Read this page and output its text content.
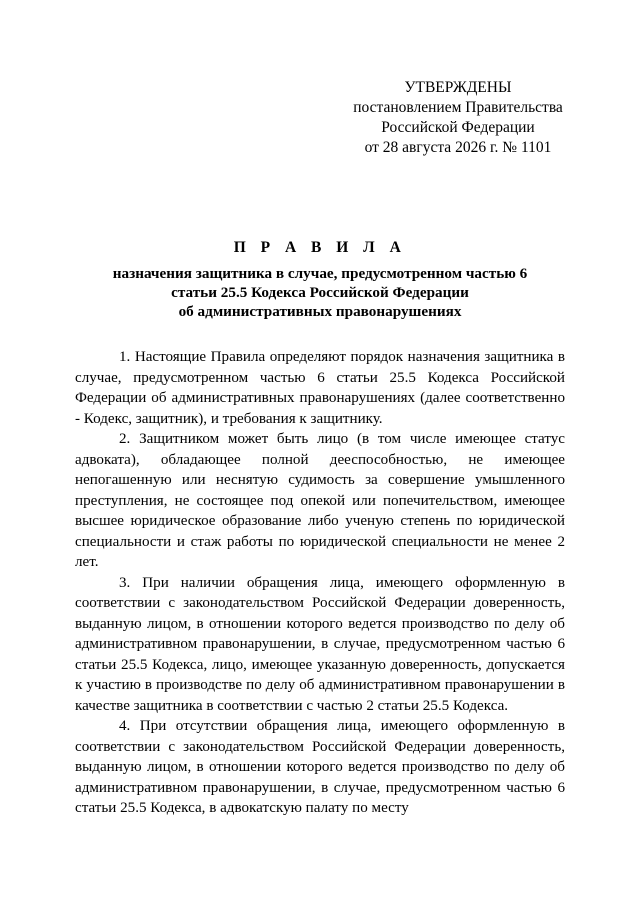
УТВЕРЖДЕНЫ
постановлением Правительства
Российской Федерации
от 28 августа 2026 г. № 1101
П Р А В И Л А
назначения защитника в случае, предусмотренном частью 6
статьи 25.5 Кодекса Российской Федерации
об административных правонарушениях

1. Настоящие Правила определяют порядок назначения защитника в случае, предусмотренном частью 6 статьи 25.5 Кодекса Российской Федерации об административных правонарушениях (далее соответственно - Кодекс, защитник), и требования к защитнику.

2. Защитником может быть лицо (в том числе имеющее статус адвоката), обладающее полной дееспособностью, не имеющее непогашенную или неснятую судимость за совершение умышленного преступления, не состоящее под опекой или попечительством, имеющее высшее юридическое образование либо ученую степень по юридической специальности и стаж работы по юридической специальности не менее 2 лет.

3. При наличии обращения лица, имеющего оформленную в соответствии с законодательством Российской Федерации доверенность, выданную лицом, в отношении которого ведется производство по делу об административном правонарушении, в случае, предусмотренном частью 6 статьи 25.5 Кодекса, лицо, имеющее указанную доверенность, допускается к участию в производстве по делу об административном правонарушении в качестве защитника в соответствии с частью 2 статьи 25.5 Кодекса.

4. При отсутствии обращения лица, имеющего оформленную в соответствии с законодательством Российской Федерации доверенность, выданную лицом, в отношении которого ведется производство по делу об административном правонарушении, в случае, предусмотренном частью 6 статьи 25.5 Кодекса, в адвокатскую палату по месту
